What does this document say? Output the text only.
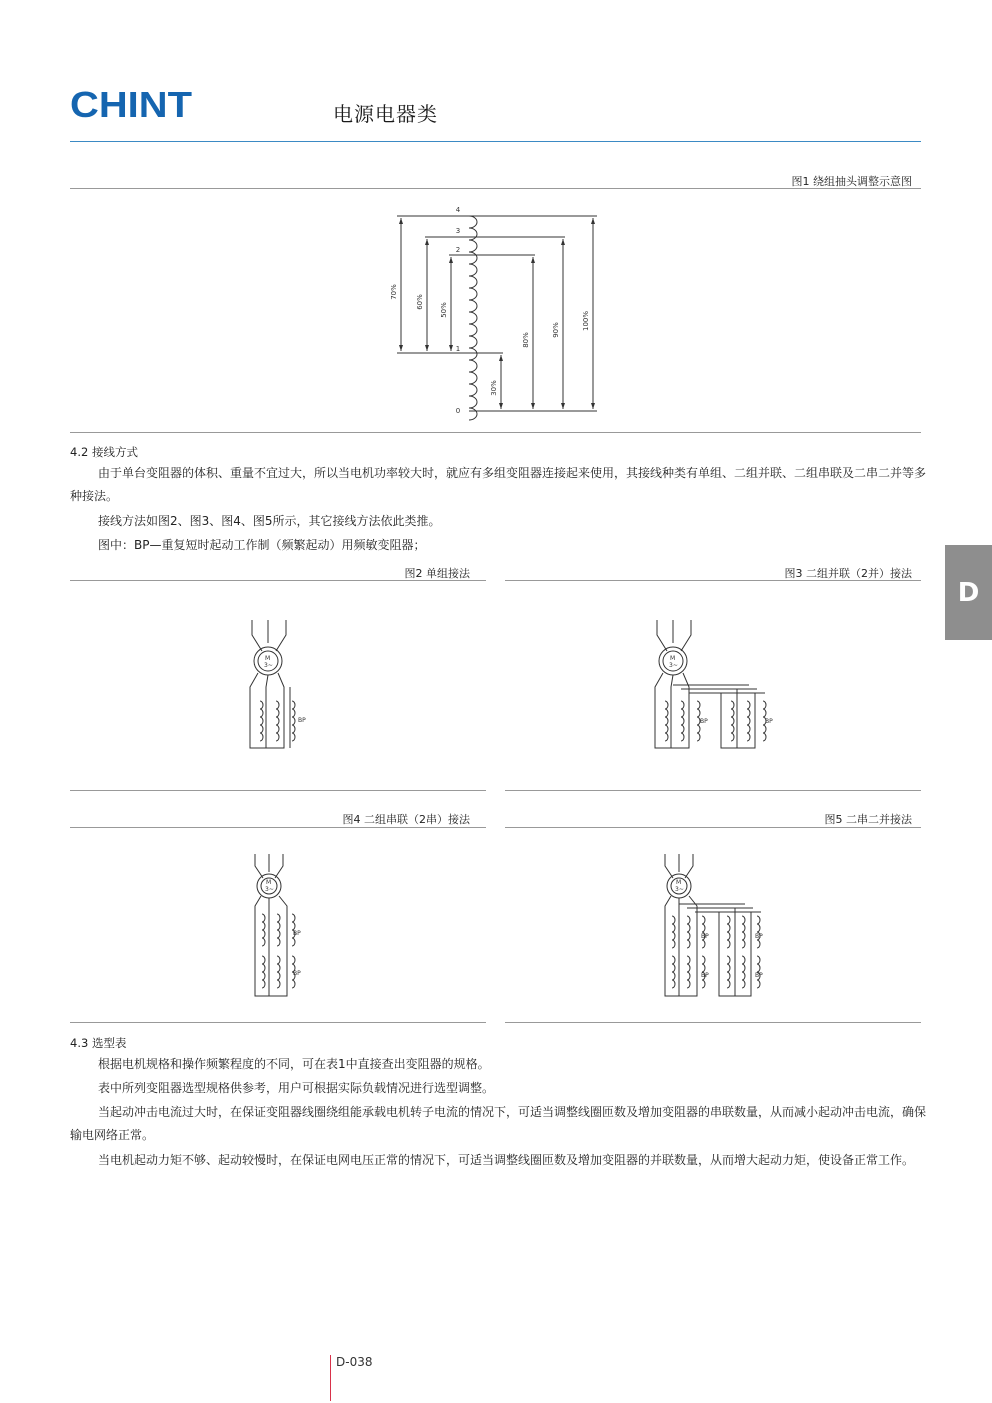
CHINT	电源电器类
图1 绕组抽头调整示意图
4
3
2
1
0
70%
60%
50%
30%
80%
90%	100%
4.2 接线方式

由于单台变阻器的体积、重量不宜过大，所以当电机功率较大时，就应有多组变阻器连接起来使用，其接线种类有单组、二组并联、二组串联及二串二并等多种接法。

接线方法如图2、图3、图4、图5所示，其它接线方法依此类推。

图中：BP—重复短时起动工作制（频繁起动）用频敏变阻器；

图2 单组接法	图3 二组并联（2并）接法
M
3~
BP
M
3~
BP	BP
图4 二组串联（2串）接法	图5 二串二并接法
M
3~
BP
BP
M
3~
BP	BP
BP	BP
4.3 选型表

根据电机规格和操作频繁程度的不同，可在表1中直接查出变阻器的规格。

表中所列变阻器选型规格供参考，用户可根据实际负载情况进行选型调整。

当起动冲击电流过大时，在保证变阻器线圈绕组能承载电机转子电流的情况下，可适当调整线圈匝数及增加变阻器的串联数量，从而减小起动冲击电流，确保输电网络正常。

当电机起动力矩不够、起动较慢时，在保证电网电压正常的情况下，可适当调整线圈匝数及增加变阻器的并联数量，从而增大起动力矩，使设备正常工作。

D
D-038
